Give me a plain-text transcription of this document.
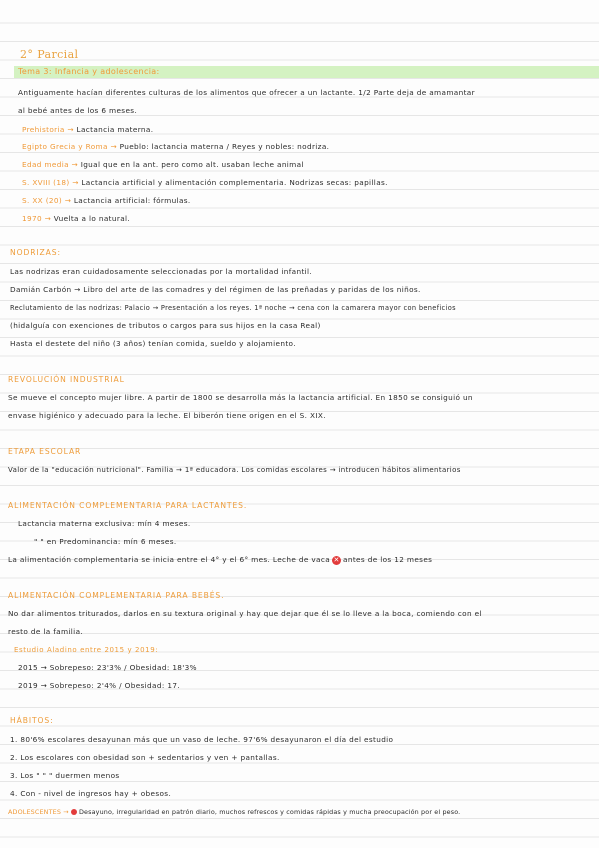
2° Parcial
Tema 3: Infancia y adolescencia:
Antiguamente hacían diferentes culturas de los alimentos que ofrecer a un lactante. 1/2 Parte deja de amamantar
al bebé antes de los 6 meses.
Prehistoria → Lactancia materna.
Egipto Grecia y Roma → Pueblo: lactancia materna / Reyes y nobles: nodriza.
Edad media → Igual que en la ant. pero como alt. usaban leche animal
S. XVIII (18) → Lactancia artificial y alimentación complementaria. Nodrizas secas: papillas.
S. XX (20) → Lactancia artificial: fórmulas.
1970 → Vuelta a lo natural.
NODRIZAS:
Las nodrizas eran cuidadosamente seleccionadas por la mortalidad infantil.
Damián Carbón → Libro del arte de las comadres y del régimen de las preñadas y paridas de los niños.
Reclutamiento de las nodrizas: Palacio → Presentación a los reyes. 1ª noche → cena con la camarera mayor con beneficios
(hidalguía con exenciones de tributos o cargos para sus hijos en la casa Real)
Hasta el destete del niño (3 años) tenían comida, sueldo y alojamiento.
REVOLUCIÓN INDUSTRIAL
Se mueve el concepto mujer libre. A partir de 1800 se desarrolla más la lactancia artificial. En 1850 se consiguió un
envase higiénico y adecuado para la leche. El biberón tiene origen en el S. XIX.
ETAPA ESCOLAR
Valor de la "educación nutricional". Familia → 1ª educadora. Los comidas escolares → introducen hábitos alimentarios
ALIMENTACIÓN COMPLEMENTARIA PARA LACTANTES.
Lactancia materna exclusiva: mín 4 meses.
" " en Predominancia: mín 6 meses.
La alimentación complementaria se inicia entre el 4° y el 6° mes. Leche de vaca ✕ antes de los 12 meses
ALIMENTACIÓN COMPLEMENTARIA PARA BEBÉS.
No dar alimentos triturados, darlos en su textura original y hay que dejar que él se lo lleve a la boca, comiendo con el
resto de la familia.
Estudio Aladino entre 2015 y 2019:
2015 → Sobrepeso: 23'3% / Obesidad: 18'3%
2019 → Sobrepeso: 2'4% / Obesidad: 17.
HÁBITOS:
1. 80'6% escolares desayunan más que un vaso de leche. 97'6% desayunaron el día del estudio
2. Los escolares con obesidad son + sedentarios y ven + pantallas.
3. Los " " " duermen menos
4. Con - nivel de ingresos hay + obesos.
ADOLESCENTES → Desayuno, irregularidad en patrón diario, muchos refrescos y comidas rápidas y mucha preocupación por el peso.
